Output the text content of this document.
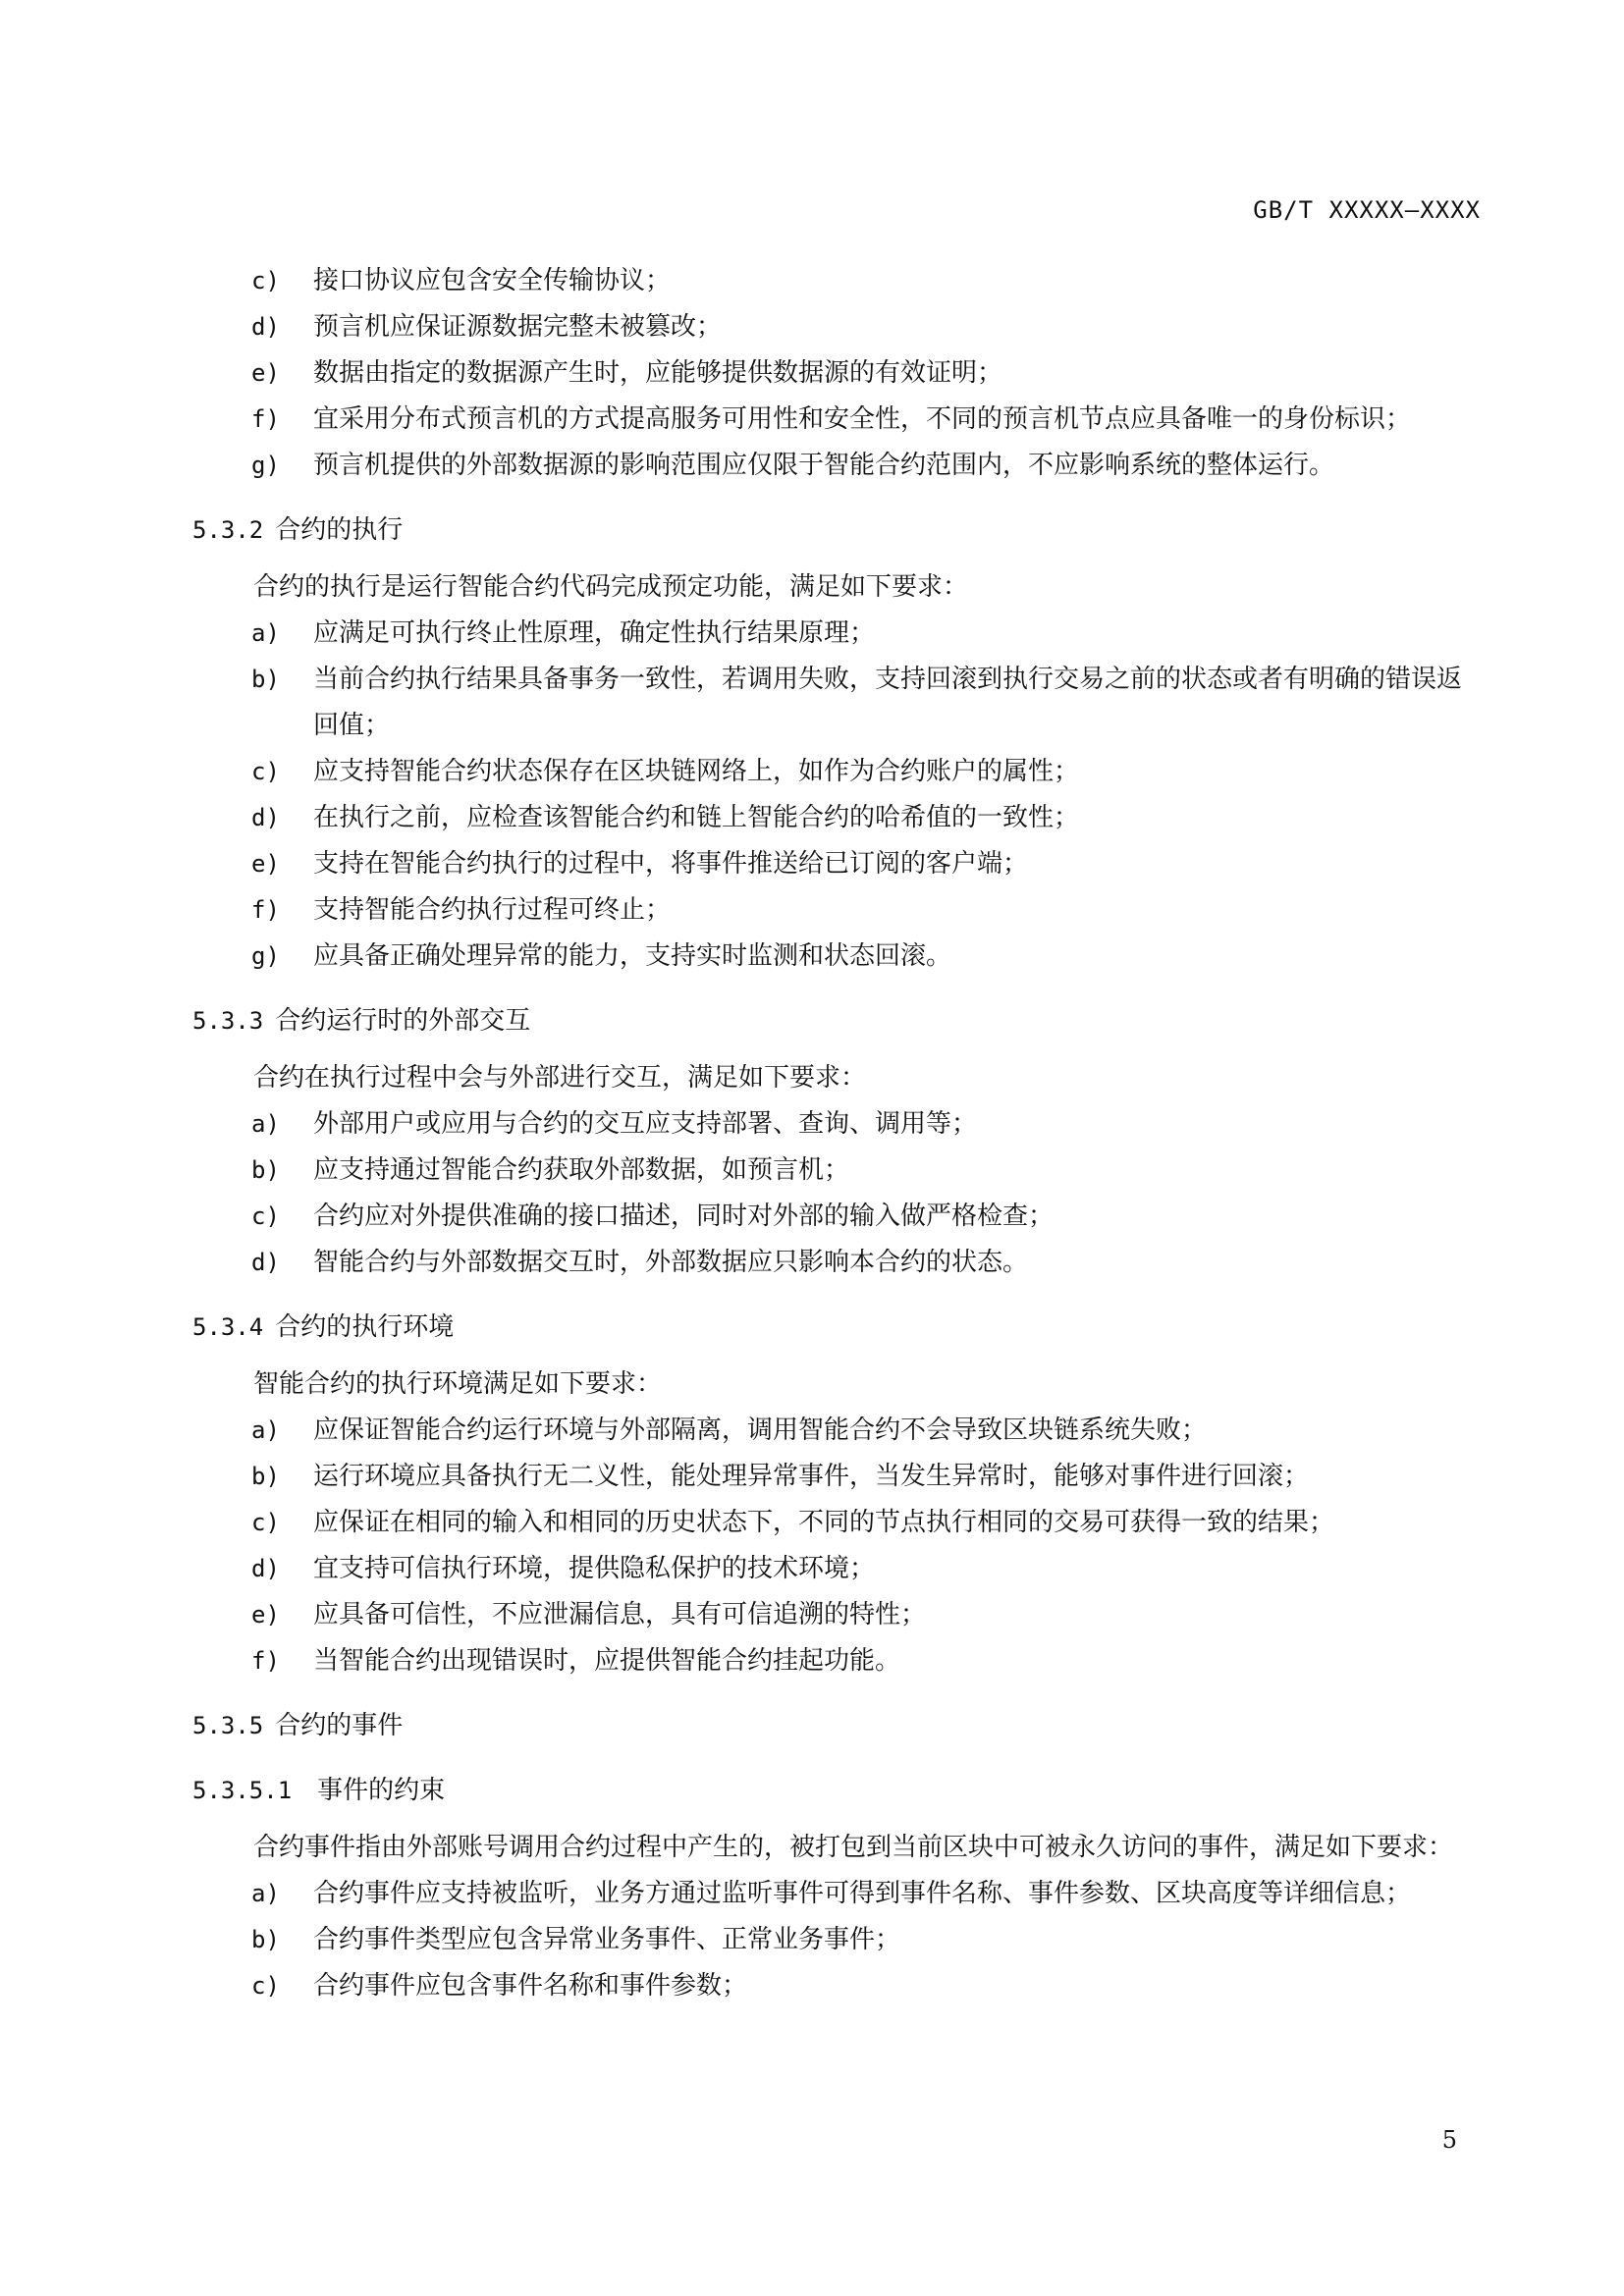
GB/T XXXXX—XXXX

c) 接口协议应包含安全传输协议；

d) 预言机应保证源数据完整未被篡改；

e) 数据由指定的数据源产生时，应能够提供数据源的有效证明；

f) 宜采用分布式预言机的方式提高服务可用性和安全性，不同的预言机节点应具备唯一的身份标识；

g) 预言机提供的外部数据源的影响范围应仅限于智能合约范围内，不应影响系统的整体运行。

5.3.2 合约的执行

合约的执行是运行智能合约代码完成预定功能，满足如下要求：

a) 应满足可执行终止性原理，确定性执行结果原理；

b) 当前合约执行结果具备事务一致性，若调用失败，支持回滚到执行交易之前的状态或者有明确的错误返回值；

c) 应支持智能合约状态保存在区块链网络上，如作为合约账户的属性；

d) 在执行之前，应检查该智能合约和链上智能合约的哈希值的一致性；

e) 支持在智能合约执行的过程中，将事件推送给已订阅的客户端；

f) 支持智能合约执行过程可终止；

g) 应具备正确处理异常的能力，支持实时监测和状态回滚。

5.3.3 合约运行时的外部交互

合约在执行过程中会与外部进行交互，满足如下要求：

a) 外部用户或应用与合约的交互应支持部署、查询、调用等；

b) 应支持通过智能合约获取外部数据，如预言机；

c) 合约应对外提供准确的接口描述，同时对外部的输入做严格检查；

d) 智能合约与外部数据交互时，外部数据应只影响本合约的状态。

5.3.4 合约的执行环境

智能合约的执行环境满足如下要求：

a) 应保证智能合约运行环境与外部隔离，调用智能合约不会导致区块链系统失败；

b) 运行环境应具备执行无二义性，能处理异常事件，当发生异常时，能够对事件进行回滚；

c) 应保证在相同的输入和相同的历史状态下，不同的节点执行相同的交易可获得一致的结果；

d) 宜支持可信执行环境，提供隐私保护的技术环境；

e) 应具备可信性，不应泄漏信息，具有可信追溯的特性；

f) 当智能合约出现错误时，应提供智能合约挂起功能。

5.3.5 合约的事件
5.3.5.1 事件的约束

合约事件指由外部账号调用合约过程中产生的，被打包到当前区块中可被永久访问的事件，满足如下要求：

a) 合约事件应支持被监听，业务方通过监听事件可得到事件名称、事件参数、区块高度等详细信息；

b) 合约事件类型应包含异常业务事件、正常业务事件；

c) 合约事件应包含事件名称和事件参数；

5
